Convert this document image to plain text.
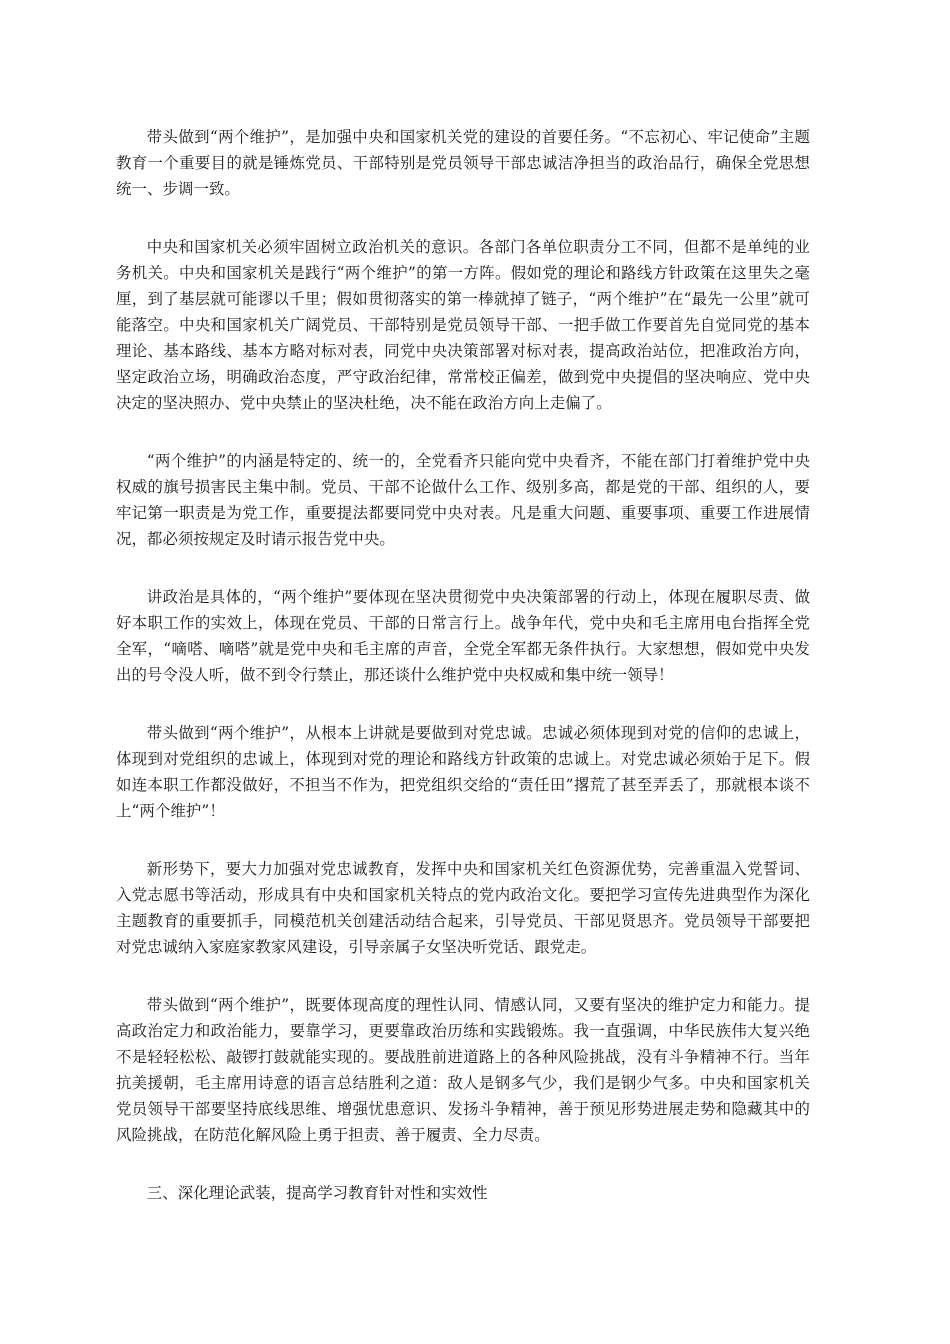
带头做到“两个维护”，是加强中央和国家机关党的建设的首要任务。“不忘初心、牢记使命”主题教育一个重要目的就是锤炼党员、干部特别是党员领导干部忠诚洁净担当的政治品行，确保全党思想统一、步调一致。

中央和国家机关必须牢固树立政治机关的意识。各部门各单位职责分工不同，但都不是单纯的业务机关。中央和国家机关是践行“两个维护”的第一方阵。假如党的理论和路线方针政策在这里失之毫厘，到了基层就可能谬以千里；假如贯彻落实的第一棒就掉了链子，“两个维护”在“最先一公里”就可能落空。中央和国家机关广阔党员、干部特别是党员领导干部、一把手做工作要首先自觉同党的基本理论、基本路线、基本方略对标对表，同党中央决策部署对标对表，提高政治站位，把准政治方向，坚定政治立场，明确政治态度，严守政治纪律，常常校正偏差，做到党中央提倡的坚决响应、党中央决定的坚决照办、党中央禁止的坚决杜绝，决不能在政治方向上走偏了。

“两个维护”的内涵是特定的、统一的，全党看齐只能向党中央看齐，不能在部门打着维护党中央权威的旗号损害民主集中制。党员、干部不论做什么工作、级别多高，都是党的干部、组织的人，要牢记第一职责是为党工作，重要提法都要同党中央对表。凡是重大问题、重要事项、重要工作进展情况，都必须按规定及时请示报告党中央。

讲政治是具体的，“两个维护”要体现在坚决贯彻党中央决策部署的行动上，体现在履职尽责、做好本职工作的实效上，体现在党员、干部的日常言行上。战争年代，党中央和毛主席用电台指挥全党全军，“嘀嗒、嘀嗒”就是党中央和毛主席的声音，全党全军都无条件执行。大家想想，假如党中央发出的号令没人听，做不到令行禁止，那还谈什么维护党中央权威和集中统一领导！

带头做到“两个维护”，从根本上讲就是要做到对党忠诚。忠诚必须体现到对党的信仰的忠诚上，体现到对党组织的忠诚上，体现到对党的理论和路线方针政策的忠诚上。对党忠诚必须始于足下。假如连本职工作都没做好，不担当不作为，把党组织交给的“责任田”撂荒了甚至弄丢了，那就根本谈不上“两个维护”！

新形势下，要大力加强对党忠诚教育，发挥中央和国家机关红色资源优势，完善重温入党誓词、入党志愿书等活动，形成具有中央和国家机关特点的党内政治文化。要把学习宣传先进典型作为深化主题教育的重要抓手，同模范机关创建活动结合起来，引导党员、干部见贤思齐。党员领导干部要把对党忠诚纳入家庭家教家风建设，引导亲属子女坚决听党话、跟党走。

带头做到“两个维护”，既要体现高度的理性认同、情感认同，又要有坚决的维护定力和能力。提高政治定力和政治能力，要靠学习，更要靠政治历练和实践锻炼。我一直强调，中华民族伟大复兴绝不是轻轻松松、敲锣打鼓就能实现的。要战胜前进道路上的各种风险挑战，没有斗争精神不行。当年抗美援朝，毛主席用诗意的语言总结胜利之道：敌人是钢多气少，我们是钢少气多。中央和国家机关党员领导干部要坚持底线思维、增强忧患意识、发扬斗争精神，善于预见形势进展走势和隐藏其中的风险挑战，在防范化解风险上勇于担责、善于履责、全力尽责。

三、深化理论武装，提高学习教育针对性和实效性
